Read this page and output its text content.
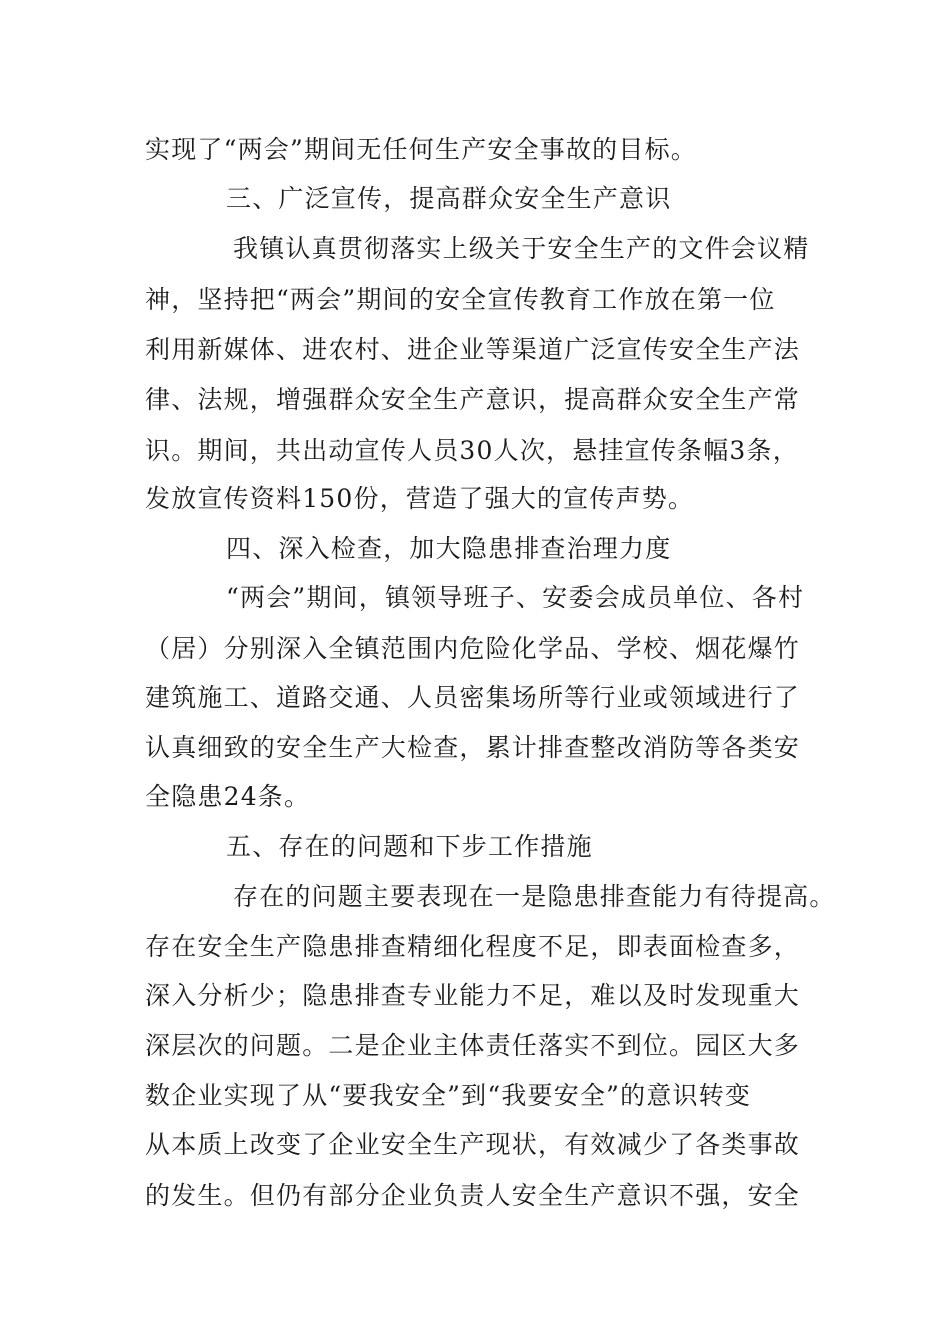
实现了“两会”期间无任何生产安全事故的目标。
三、广泛宣传，提高群众安全生产意识
我镇认真贯彻落实上级关于安全生产的文件会议精
神，坚持把“两会”期间的安全宣传教育工作放在第一位
利用新媒体、进农村、进企业等渠道广泛宣传安全生产法
律、法规，增强群众安全生产意识，提高群众安全生产常
识。期间，共出动宣传人员30人次，悬挂宣传条幅3条，
发放宣传资料150份，营造了强大的宣传声势。
四、深入检查，加大隐患排查治理力度
“两会”期间，镇领导班子、安委会成员单位、各村
（居）分别深入全镇范围内危险化学品、学校、烟花爆竹
建筑施工、道路交通、人员密集场所等行业或领域进行了
认真细致的安全生产大检查，累计排查整改消防等各类安
全隐患24条。
五、存在的问题和下步工作措施
存在的问题主要表现在一是隐患排查能力有待提高。
存在安全生产隐患排查精细化程度不足，即表面检查多，
深入分析少；隐患排查专业能力不足，难以及时发现重大
深层次的问题。二是企业主体责任落实不到位。园区大多
数企业实现了从“要我安全”到“我要安全”的意识转变
从本质上改变了企业安全生产现状，有效减少了各类事故
的发生。但仍有部分企业负责人安全生产意识不强，安全
